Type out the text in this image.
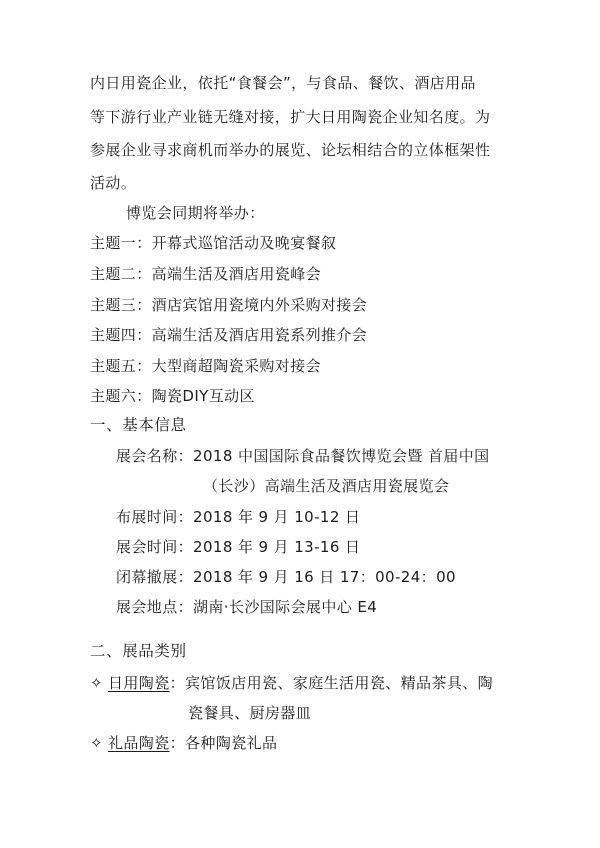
内日用瓷企业，依托“食餐会”，与食品、餐饮、酒店用品
等下游行业产业链无缝对接，扩大日用陶瓷企业知名度。为
参展企业寻求商机而举办的展览、论坛相结合的立体框架性
活动。
博览会同期将举办：
主题一：开幕式巡馆活动及晚宴餐叙
主题二：高端生活及酒店用瓷峰会
主题三：酒店宾馆用瓷境内外采购对接会
主题四：高端生活及酒店用瓷系列推介会
主题五：大型商超陶瓷采购对接会
主题六：陶瓷DIY互动区
一、基本信息
展会名称：2018 中国国际食品餐饮博览会暨 首届中国
（长沙）高端生活及酒店用瓷展览会
布展时间：2018 年 9 月 10-12 日
展会时间：2018 年 9 月 13-16 日
闭幕撤展：2018 年 9 月 16 日 17：00-24：00
展会地点：湖南·长沙国际会展中心 E4
二、展品类别
✧ 日用陶瓷：宾馆饭店用瓷、家庭生活用瓷、精品茶具、陶
瓷餐具、厨房器皿
✧ 礼品陶瓷：各种陶瓷礼品
